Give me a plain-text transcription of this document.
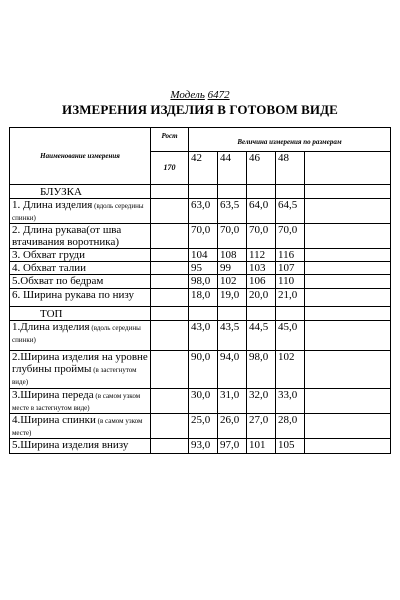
Модель 6472
ИЗМЕРЕНИЯ ИЗДЕЛИЯ В ГОТОВОМ ВИДЕ
Наименование измерения	Рост	Величина измерения по размерам				
	170	42	44	46	48	
БЛУЗКА						
1. Длина изделия (вдоль середины спинки)		63,0	63,5	64,0	64,5	
2. Длина рукава(от шва втачивания воротника)		70,0	70,0	70,0	70,0	
3. Обхват груди		104	108	112	116	
4. Обхват талии		95	99	103	107	
5.Обхват по бедрам		98,0	102	106	110	
6. Ширина рукава по низу		18,0	19,0	20,0	21,0	
ТОП						
1.Длина изделия (вдоль середины спинки)		43,0	43,5	44,5	45,0	
2.Ширина изделия на уровне глубины проймы (в застегнутом виде)		90,0	94,0	98,0	102	
3.Ширина переда (в самом узком месте в застегнутом виде)		30,0	31,0	32,0	33,0	
4.Ширина спинки (в самом узком месте)		25,0	26,0	27,0	28,0	
5.Ширина изделия внизу		93,0	97,0	101	105	
